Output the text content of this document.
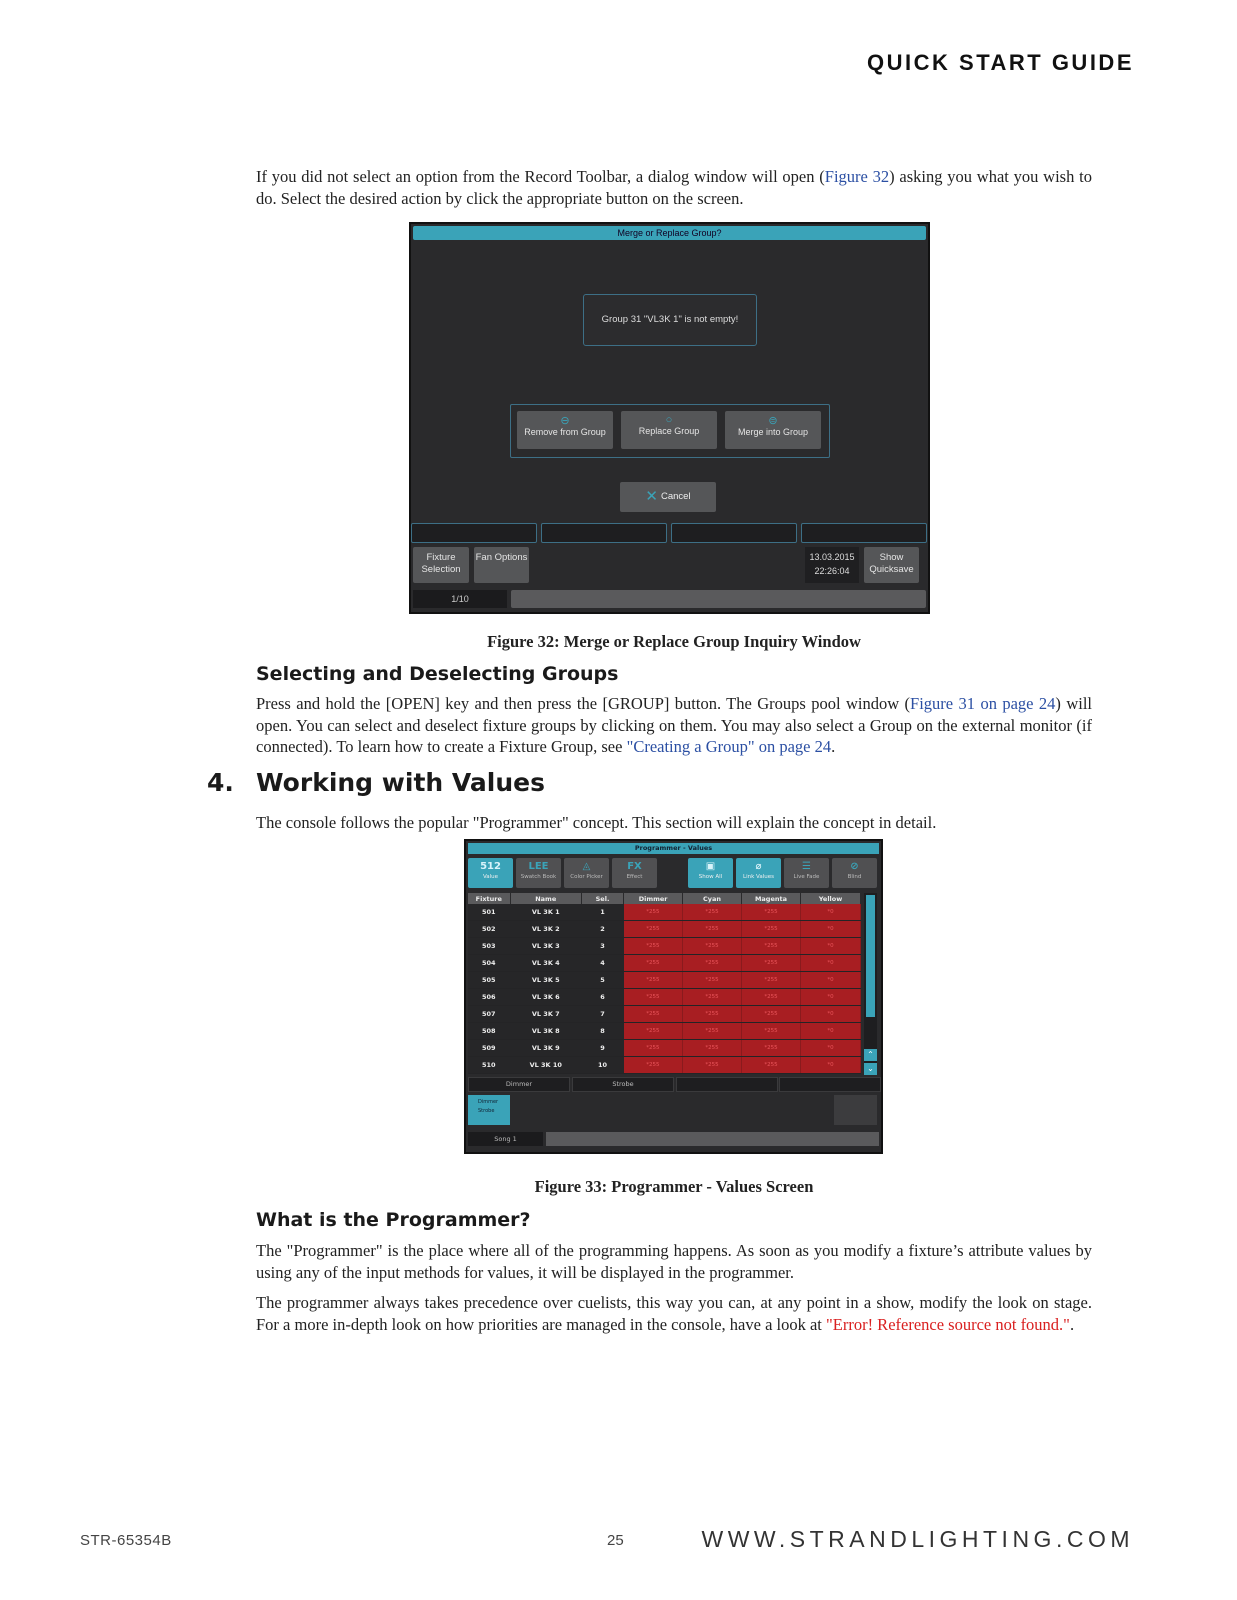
QUICK START GUIDE

If you did not select an option from the Record Toolbar, a dialog window will open (Figure 32) asking you what you wish to do. Select the desired action by click the appropriate button on the screen.

Merge or Replace Group?
Group 31 "VL3K 1" is not empty!
⊖
Remove from Group
○
Replace Group
⊜
Merge into Group
✕ Cancel
Fixture Selection
Fan Options	13.03.2015
22:26:04
Show Quicksave
1/10
Figure 32: Merge or Replace Group Inquiry Window
Selecting and Deselecting Groups

Press and hold the [OPEN] key and then press the [GROUP] button. The Groups pool window (Figure 31 on page 24) will open. You can select and deselect fixture groups by clicking on them. You may also select a Group on the external monitor (if connected). To learn how to create a Fixture Group, see "Creating a Group" on page 24.

4. Working with Values

The console follows the popular "Programmer" concept. This section will explain the concept in detail.

Programmer - Values
512
Value
LEE
Swatch Book
◬
Color Picker
FX
Effect
▣
Show All
⌀
Link Values
☰
Live Fade
⊘
Blind
Fixture	Name	Sel.	Dimmer	Cyan	Magenta	Yellow
501	VL 3K 1	1	*255	*255	*255	*0
502	VL 3K 2	2	*255	*255	*255	*0
503	VL 3K 3	3	*255	*255	*255	*0
504	VL 3K 4	4	*255	*255	*255	*0
505	VL 3K 5	5	*255	*255	*255	*0
506	VL 3K 6	6	*255	*255	*255	*0
507	VL 3K 7	7	*255	*255	*255	*0
508	VL 3K 8	8	*255	*255	*255	*0
509	VL 3K 9	9	*255	*255	*255	*0
510	VL 3K 10	10	*255	*255	*255	*0
⌃
⌄
Dimmer	Strobe
Dimmer
Strobe
Song 1
Figure 33: Programmer - Values Screen
What is the Programmer?

The "Programmer" is the place where all of the programming happens. As soon as you modify a fixture’s attribute values by using any of the input methods for values, it will be displayed in the programmer.

The programmer always takes precedence over cuelists, this way you can, at any point in a show, modify the look on stage. For a more in-depth look on how priorities are managed in the console, have a look at "Error! Reference source not found.".

STR-65354B	25	WWW.STRANDLIGHTING.COM
